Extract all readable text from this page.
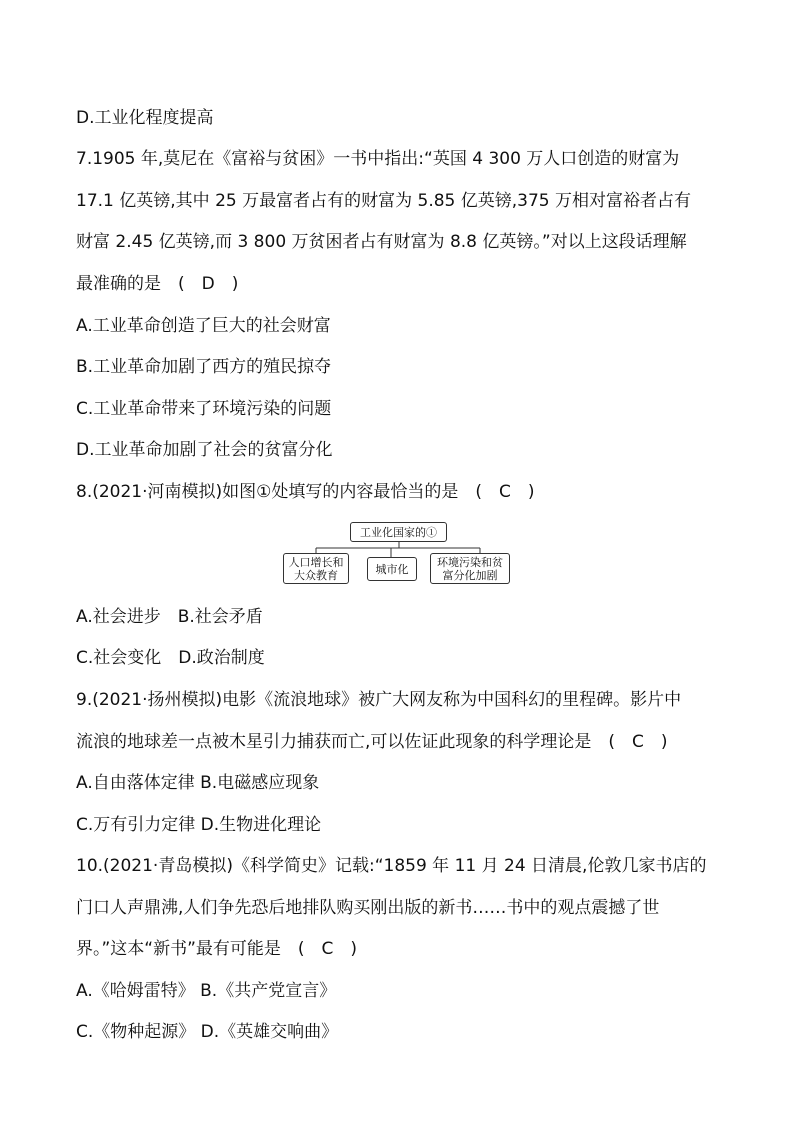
D.工业化程度提高
7.1905 年,莫尼在《富裕与贫困》一书中指出:“英国 4 300 万人口创造的财富为
17.1 亿英镑,其中 25 万最富者占有的财富为 5.85 亿英镑,375 万相对富裕者占有
财富 2.45 亿英镑,而 3 800 万贫困者占有财富为 8.8 亿英镑。”对以上这段话理解
最准确的是　(　D　)
A.工业革命创造了巨大的社会财富
B.工业革命加剧了西方的殖民掠夺
C.工业革命带来了环境污染的问题
D.工业革命加剧了社会的贫富分化
8.(2021·河南模拟)如图①处填写的内容最恰当的是　(　C　)
工业化国家的①
人口增长和
大众教育	城市化
环境污染和贫
富分化加剧
A.社会进步　B.社会矛盾
C.社会变化　D.政治制度
9.(2021·扬州模拟)电影《流浪地球》被广大网友称为中国科幻的里程碑。影片中
流浪的地球差一点被木星引力捕获而亡,可以佐证此现象的科学理论是　(　C　)
A.自由落体定律 B.电磁感应现象
C.万有引力定律 D.生物进化理论
10.(2021·青岛模拟)《科学简史》记载:“1859 年 11 月 24 日清晨,伦敦几家书店的
门口人声鼎沸,人们争先恐后地排队购买刚出版的新书……书中的观点震撼了世
界。”这本“新书”最有可能是　(　C　)
A.《哈姆雷特》 B.《共产党宣言》
C.《物种起源》 D.《英雄交响曲》
